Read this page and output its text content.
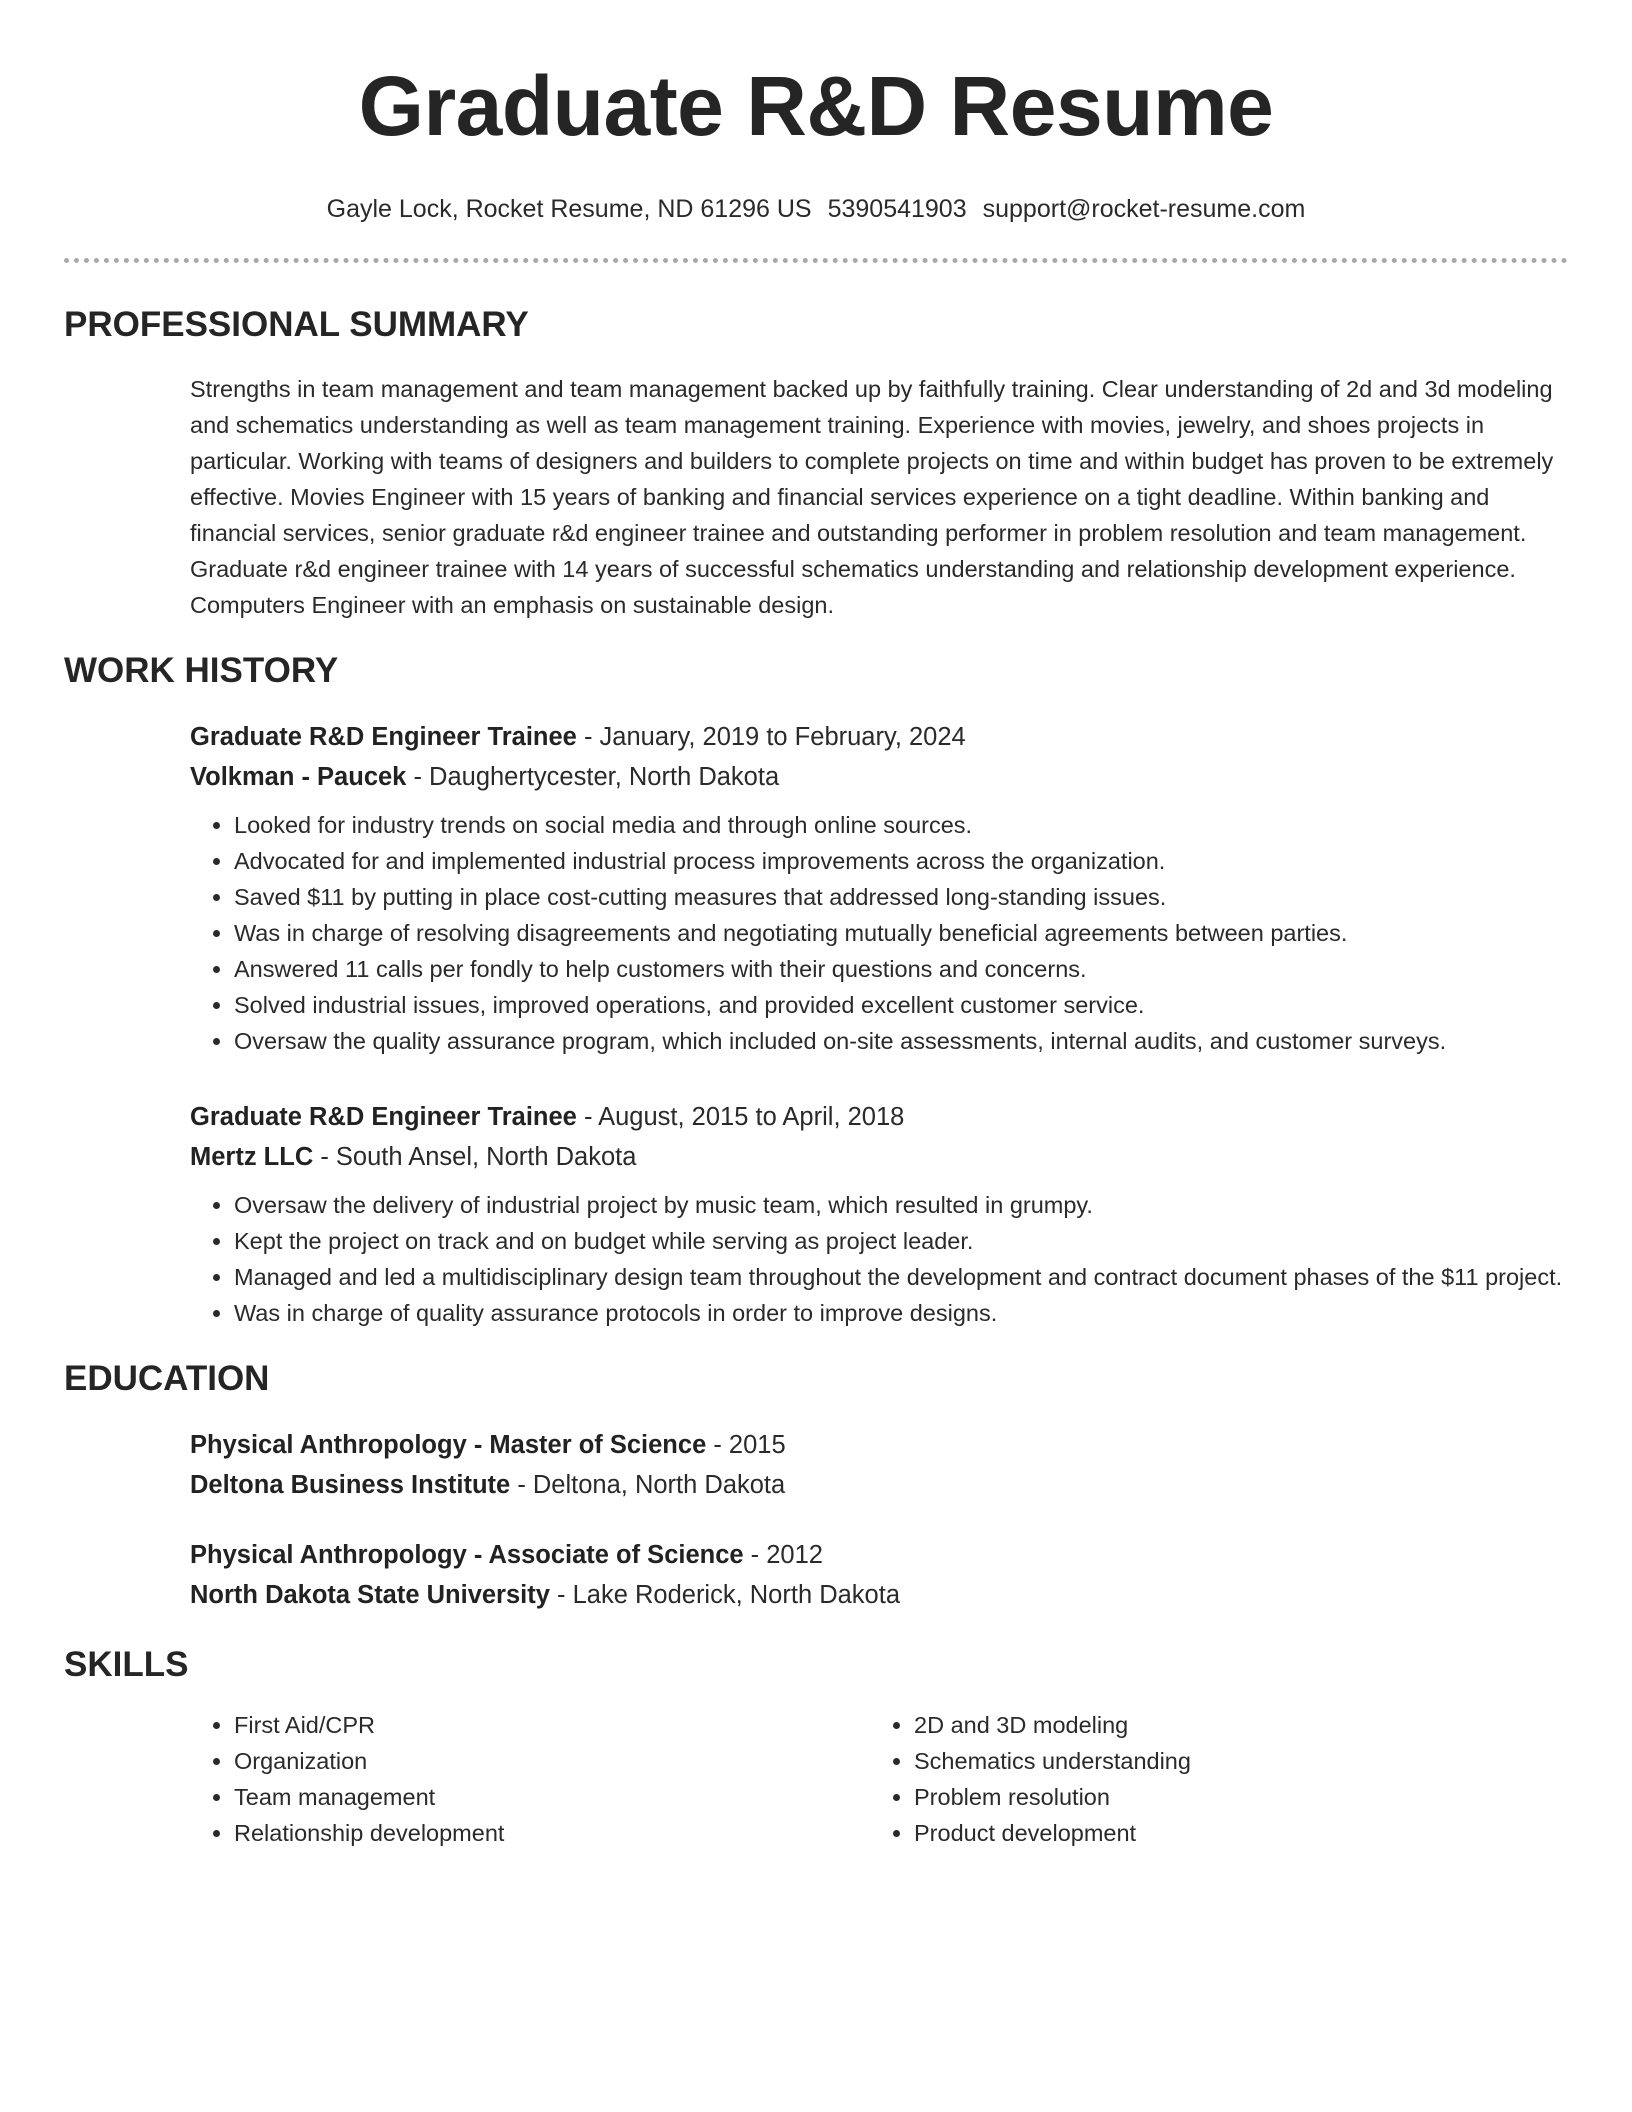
Graduate R&D Resume
Gayle Lock, Rocket Resume, ND 61296 US 5390541903 support@rocket-resume.com
PROFESSIONAL SUMMARY

Strengths in team management and team management backed up by faithfully training. Clear understanding of 2d and 3d modeling and schematics understanding as well as team management training. Experience with movies, jewelry, and shoes projects in particular. Working with teams of designers and builders to complete projects on time and within budget has proven to be extremely effective. Movies Engineer with 15 years of banking and financial services experience on a tight deadline. Within banking and financial services, senior graduate r&d engineer trainee and outstanding performer in problem resolution and team management. Graduate r&d engineer trainee with 14 years of successful schematics understanding and relationship development experience. Computers Engineer with an emphasis on sustainable design.

WORK HISTORY
Graduate R&D Engineer Trainee - January, 2019 to February, 2024
Volkman - Paucek - Daughertycester, North Dakota
• Looked for industry trends on social media and through online sources.
• Advocated for and implemented industrial process improvements across the organization.
• Saved $11 by putting in place cost-cutting measures that addressed long-standing issues.
• Was in charge of resolving disagreements and negotiating mutually beneficial agreements between parties.
• Answered 11 calls per fondly to help customers with their questions and concerns.
• Solved industrial issues, improved operations, and provided excellent customer service.
• Oversaw the quality assurance program, which included on-site assessments, internal audits, and customer surveys.
Graduate R&D Engineer Trainee - August, 2015 to April, 2018
Mertz LLC - South Ansel, North Dakota
• Oversaw the delivery of industrial project by music team, which resulted in grumpy.
• Kept the project on track and on budget while serving as project leader.
• Managed and led a multidisciplinary design team throughout the development and contract document phases of the $11 project.
• Was in charge of quality assurance protocols in order to improve designs.
EDUCATION
Physical Anthropology - Master of Science - 2015
Deltona Business Institute - Deltona, North Dakota
Physical Anthropology - Associate of Science - 2012
North Dakota State University - Lake Roderick, North Dakota
SKILLS
• First Aid/CPR
• Organization
• Team management
• Relationship development
• 2D and 3D modeling
• Schematics understanding
• Problem resolution
• Product development
